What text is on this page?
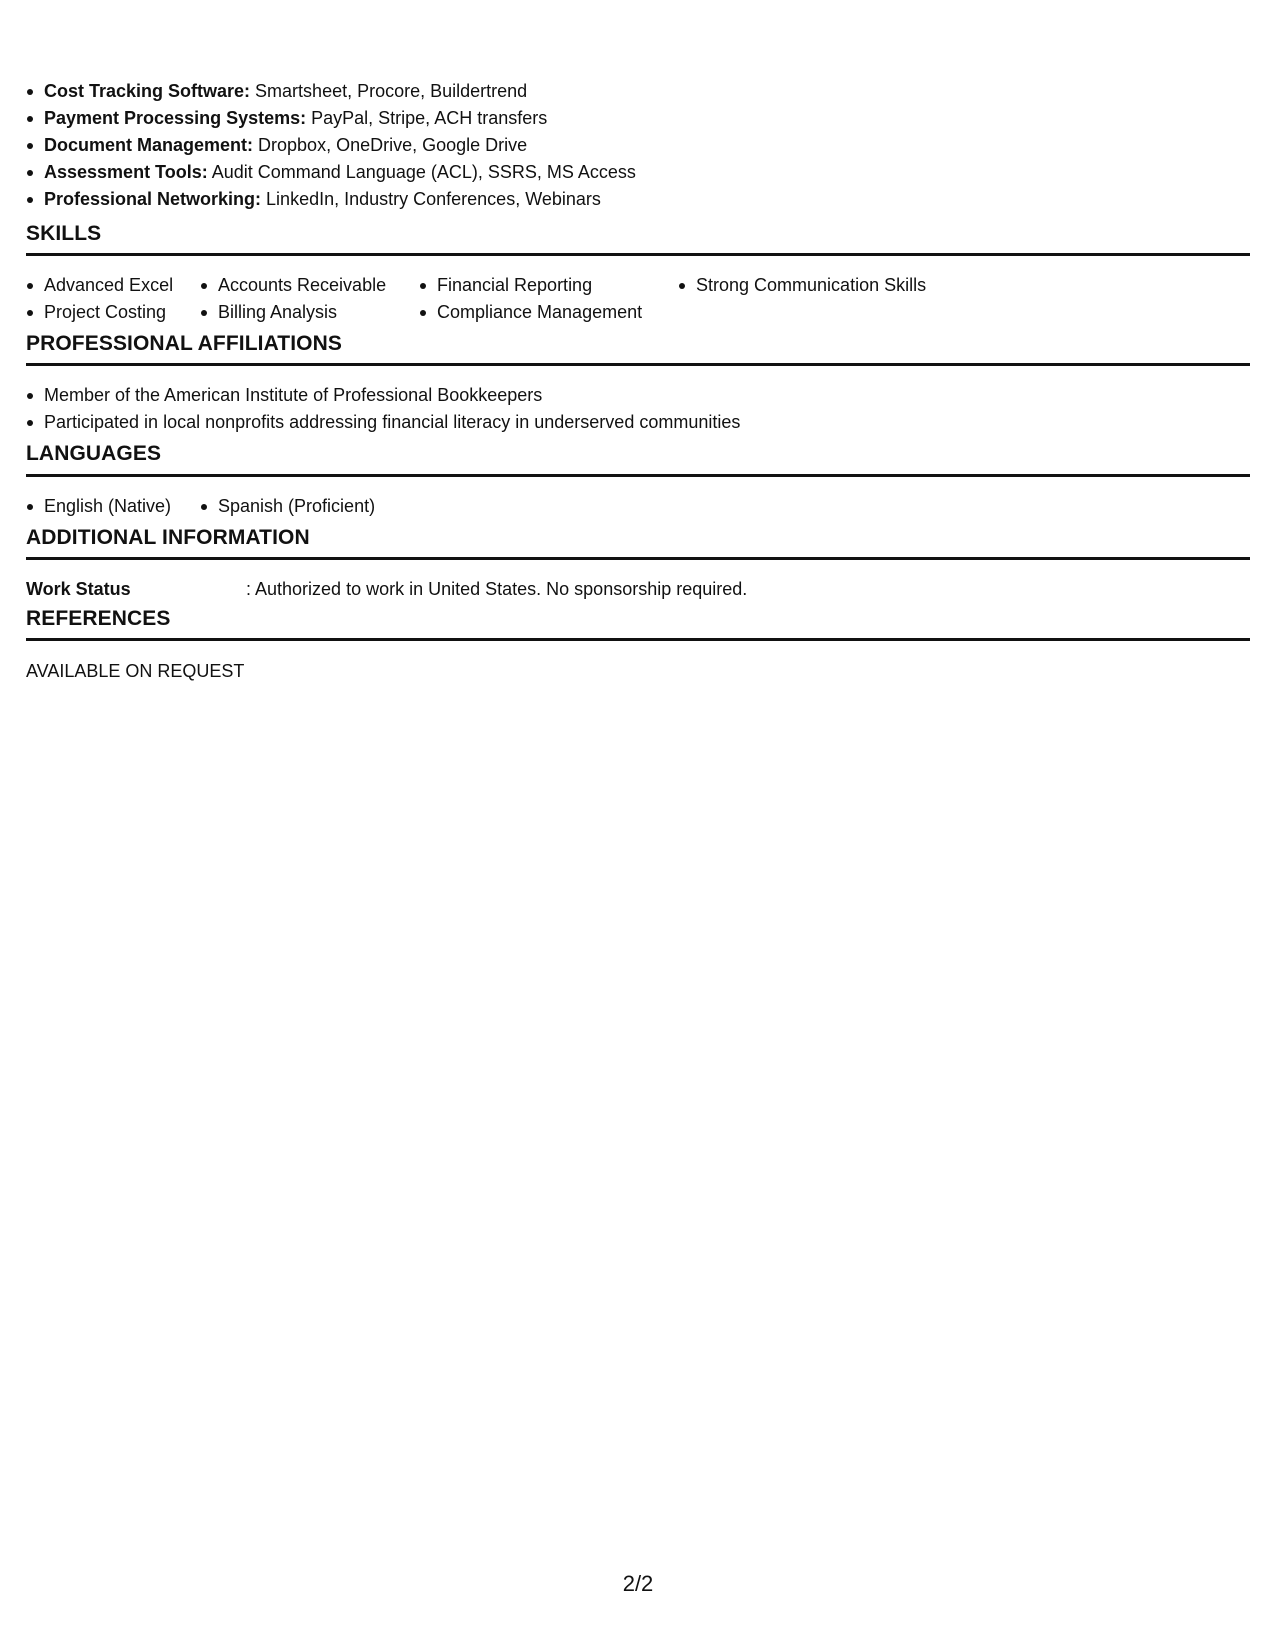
Cost Tracking Software: Smartsheet, Procore, Buildertrend
Payment Processing Systems: PayPal, Stripe, ACH transfers
Document Management: Dropbox, OneDrive, Google Drive
Assessment Tools: Audit Command Language (ACL), SSRS, MS Access
Professional Networking: LinkedIn, Industry Conferences, Webinars
SKILLS
Advanced Excel
Project Costing
Accounts Receivable
Billing Analysis
Financial Reporting
Compliance Management
Strong Communication Skills
PROFESSIONAL AFFILIATIONS
Member of the American Institute of Professional Bookkeepers
Participated in local nonprofits addressing financial literacy in underserved communities
LANGUAGES
English (Native)	Spanish (Proficient)
ADDITIONAL INFORMATION
Work Status	: Authorized to work in United States. No sponsorship required.
REFERENCES
AVAILABLE ON REQUEST
2/2
